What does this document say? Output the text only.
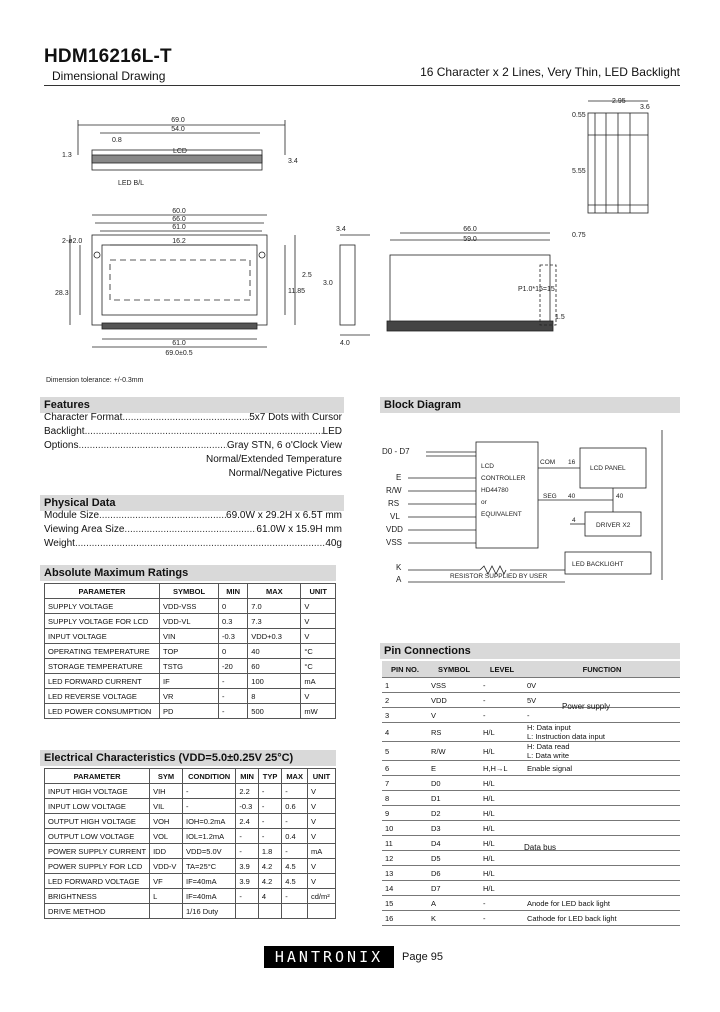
HDM16216L-T
Dimensional Drawing	16 Character x 2 Lines, Very Thin, LED Backlight
69.0
54.0
0.8
LCD
1.3
3.4
LED B/L
60.0
66.0
61.0
16.2
2-ø2.0
2.5
28.3	11.85
61.0
69.0±0.5
3.4
3.0
4.0
66.0
59.0
P1.0*15=15
1.5
0.55
5.55
0.75
2.95
3.6
Dimension tolerance: +/-0.3mm
Features
Character Format .....	5x7 Dots with Cursor
Backlight .....	LED
Options .....	Gray STN, 6 o'Clock View
Normal/Extended Temperature
Normal/Negative Pictures
Physical Data
Module Size .....	69.0W x 29.2H x 6.5T mm
Viewing Area Size .....	61.0W x 15.9H mm
Weight .....	40g
Absolute Maximum Ratings
PARAMETER	SYMBOL	MIN	MAX	UNIT
SUPPLY VOLTAGE	VDD-VSS	0	7.0	V
SUPPLY VOLTAGE FOR LCD	VDD-VL	0.3	7.3	V
INPUT VOLTAGE	VIN	-0.3	VDD+0.3	V
OPERATING TEMPERATURE	TOP	0	40	°C
STORAGE TEMPERATURE	TSTG	-20	60	°C
LED FORWARD CURRENT	IF	-	100	mA
LED REVERSE VOLTAGE	VR	-	8	V
LED POWER CONSUMPTION	PD	-	500	mW
Electrical Characteristics (VDD=5.0±0.25V 25°C)
PARAMETER	SYM	CONDITION	MIN	TYP	MAX	UNIT
INPUT HIGH VOLTAGE	VIH	-	2.2	-	-	V
INPUT LOW VOLTAGE	VIL	-	-0.3	-	0.6	V
OUTPUT HIGH VOLTAGE	VOH	IOH=0.2mA	2.4	-	-	V
OUTPUT LOW VOLTAGE	VOL	IOL=1.2mA	-	-	0.4	V
POWER SUPPLY CURRENT	IDD	VDD=5.0V	-	1.8	-	mA
POWER SUPPLY FOR LCD	VDD-V	TA=25°C	3.9	4.2	4.5	V
LED FORWARD VOLTAGE	VF	IF=40mA	3.9	4.2	4.5	V
BRIGHTNESS	L	IF=40mA	-	4	-	cd/m²
DRIVE METHOD		1/16 Duty				
Block Diagram
D0 - D7
E
R/W
RS
VL
VDD
VSS
K
A
LCD
CONTROLLER
HD44780
or
EQUIVALENT
COM 16
LCD PANEL
SEG 40	40
4
DRIVER X2
LED BACKLIGHT
RESISTOR SUPPLIED BY USER
Pin Connections
PIN NO.	SYMBOL	LEVEL	FUNCTION
1	VSS	-	0V
2	VDD	-	5V
3	V	-	-
4	RS	H/L	H: Data input
L: Instruction data input
5	R/W	H/L	H: Data read
L: Data write
6	E	H,H→L	Enable signal
7	D0	H/L	
8	D1	H/L	
9	D2	H/L	
10	D3	H/L	
11	D4	H/L	
12	D5	H/L	
13	D6	H/L	
14	D7	H/L	
15	A	-	Anode for LED back light
16	K	-	Cathode for LED back light
Power supply
Data bus
HANTRONIX	Page 95
